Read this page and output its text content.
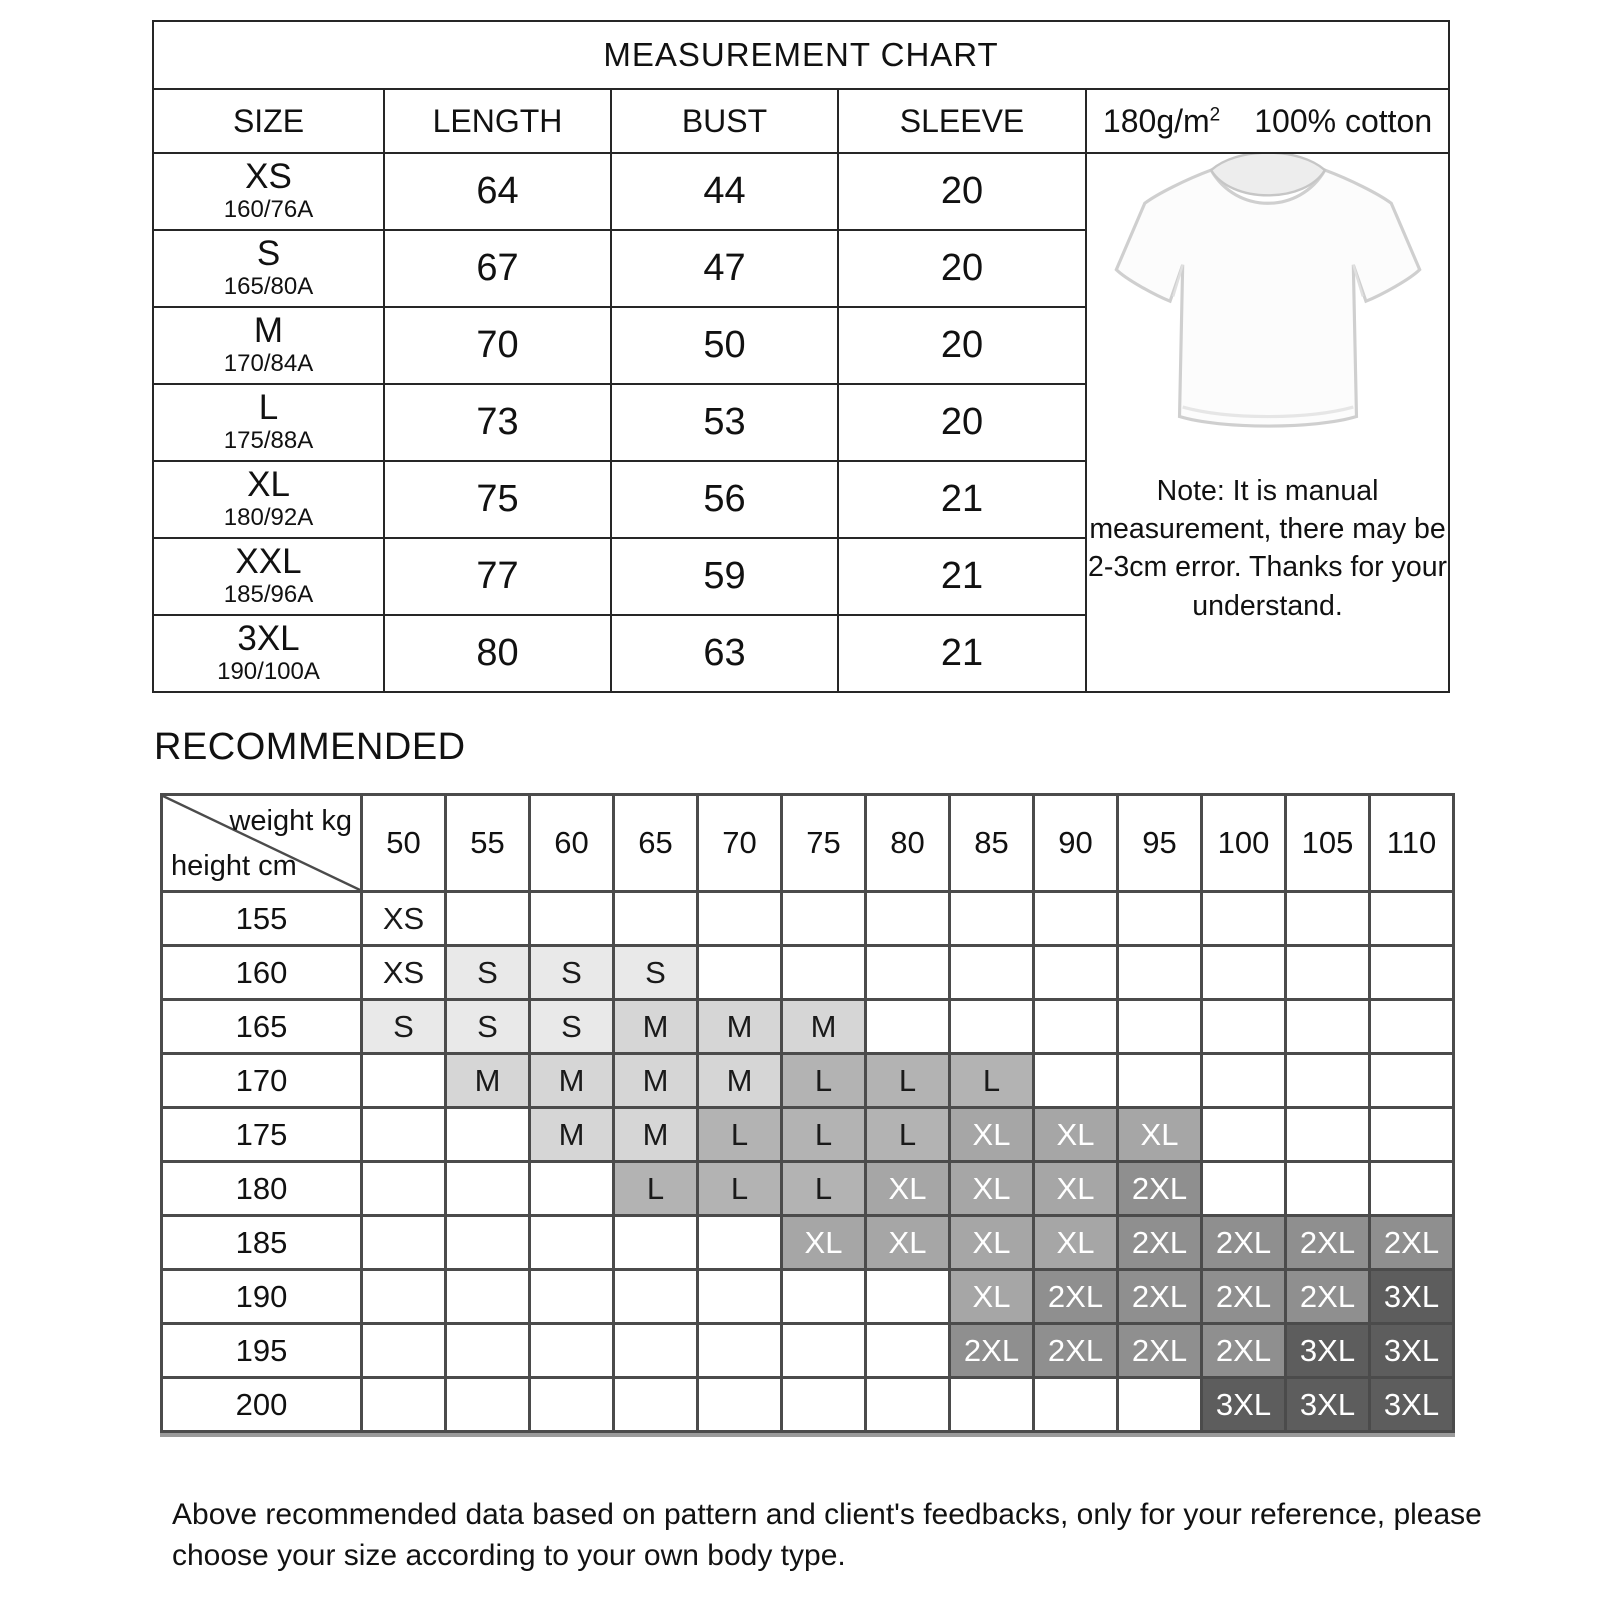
MEASUREMENT CHART				
SIZE	LENGTH	BUST	SLEEVE	$180g/m^2$ 100% cotton

XS
160/76A	64	44	20	Note: It is manual measurement, there may be 2-3cm error. Thanks for your understand.

S
165/80A	67	47	20	

M
170/84A	70	50	20	

L
175/88A	73	53	20	

XL
180/92A	75	56	21	

XXL
185/96A	77	59	21	

3XL
190/100A	80	63	21	
RECOMMENDED
weight kg
height cm	50	55	60	65	70	75	80	85	90	95	100	105	110
155	XS												
160	XS	S	S	S									
165	S	S	S	M	M	M							
170		M	M	M	M	L	L	L					
175			M	M	L	L	L	XL	XL	XL			
180				L	L	L	XL	XL	XL	2XL			
185						XL	XL	XL	XL	2XL	2XL	2XL	2XL
190								XL	2XL	2XL	2XL	2XL	3XL
195								2XL	2XL	2XL	2XL	3XL	3XL
200											3XL	3XL	3XL
Above recommended data based on pattern and client's feedbacks, only for your reference, please choose your size according to your own body type.
